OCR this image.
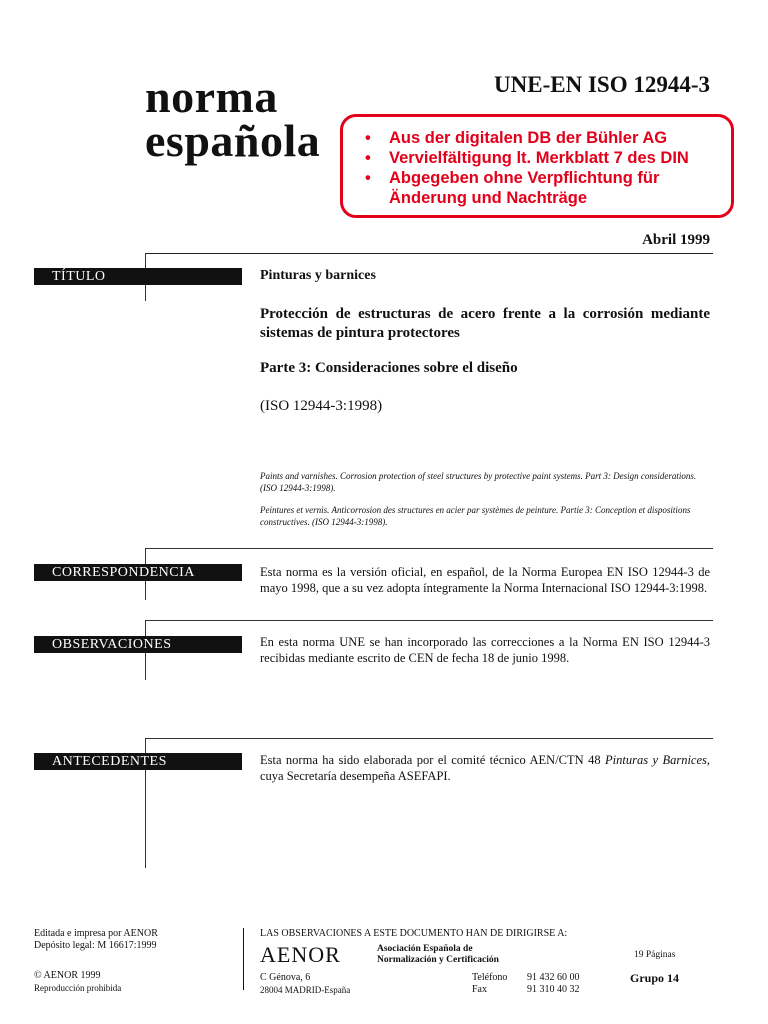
norma
española
UNE-EN ISO 12944-3
• Aus der digitalen DB der Bühler AG
• Vervielfältigung lt. Merkblatt 7 des DIN
• Abgegeben ohne Verpflichtung für Änderung und Nachträge
Abril 1999
TÍTULO	Pinturas y barnices
Protección de estructuras de acero frente a la corrosión mediante sistemas de pintura protectores
Parte 3: Consideraciones sobre el diseño
(ISO 12944-3:1998)
Paints and varnishes. Corrosion protection of steel structures by protective paint systems. Part 3: Design considerations. (ISO 12944-3:1998).
Peintures et vernis. Anticorrosion des structures en acier par systèmes de peinture. Partie 3: Conception et dispositions constructives. (ISO 12944-3:1998).
CORRESPONDENCIA	Esta norma es la versión oficial, en español, de la Norma Europea EN ISO 12944-3 de mayo 1998, que a su vez adopta íntegramente la Norma Internacional ISO 12944-3:1998.
OBSERVACIONES	En esta norma UNE se han incorporado las correcciones a la Norma EN ISO 12944-3 recibidas mediante escrito de CEN de fecha 18 de junio 1998.
ANTECEDENTES	Esta norma ha sido elaborada por el comité técnico AEN/CTN 48 Pinturas y Barnices, cuya Secretaría desempeña ASEFAPI.
Editada e impresa por AENOR
Depósito legal: M 16617:1999
© AENOR 1999
Reproducción prohibida
LAS OBSERVACIONES A ESTE DOCUMENTO HAN DE DIRIGIRSE A:
AENOR	Asociación Española de
Normalización y Certificación
C Génova, 6
28004 MADRID-España
Teléfono 91 432 60 00
Fax	91 310 40 32
19 Páginas
Grupo 14
